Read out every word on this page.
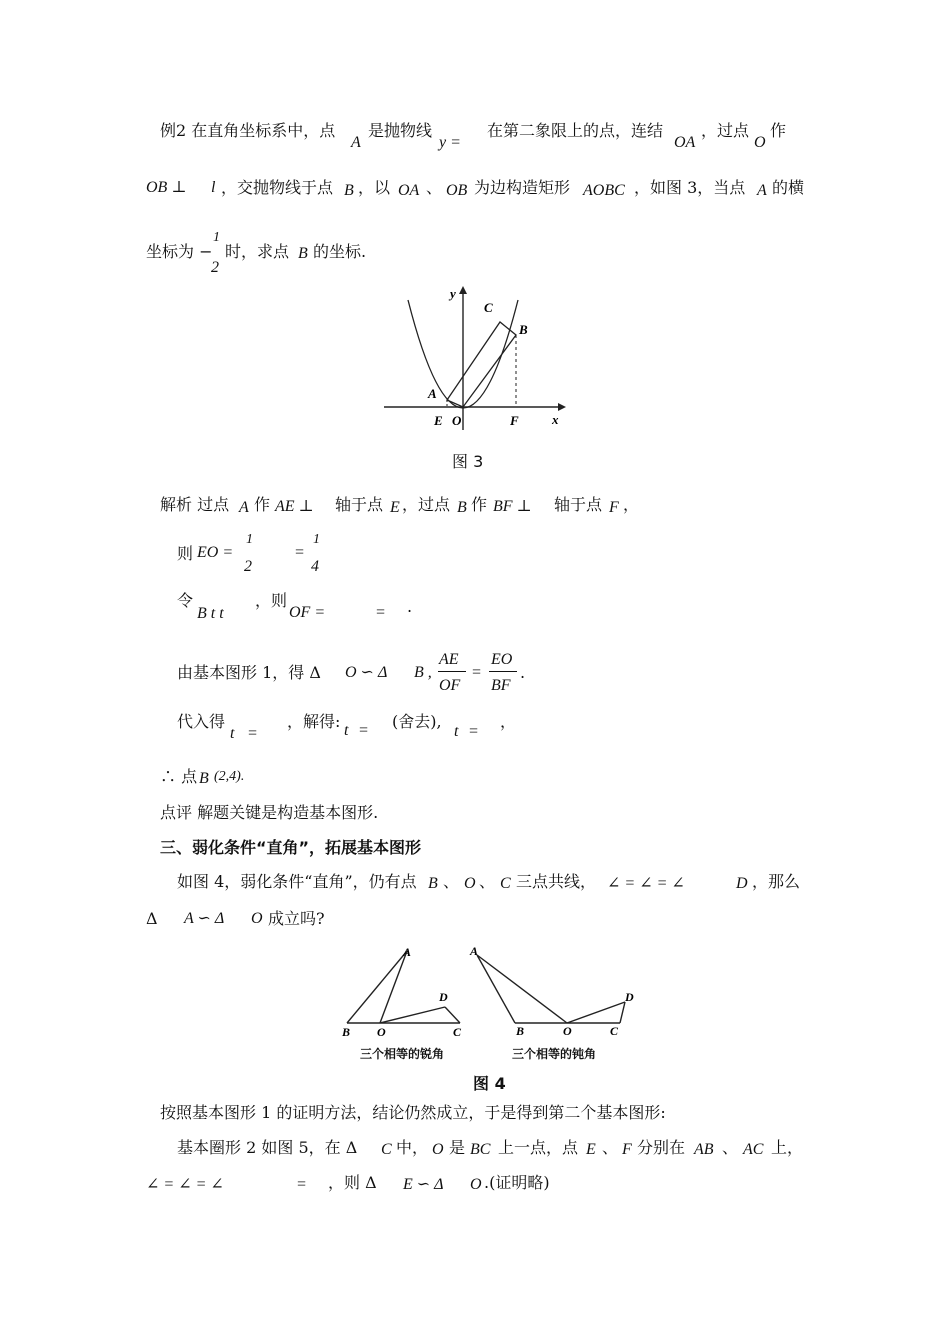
例2 在直角坐标系中，点
A
是抛物线
y =
在第二象限上的点，连结
OA
，过点
O
作
OB ⊥ l ，交抛物线于点 B ，以 OA 、 OB 为边构造矩形 AOBC ，如图 3，当点 A 的横
坐标为 −
1
2
时，求点 B 的坐标.
y
x
C
B
A
E O	F
图 3
解析 过点 A 作 AE ⊥ 轴于点 E ，过点 B 作 BF ⊥ 轴于点 F ，
则 EO =
1
2
=
1
4
令
B t t
，则
OF =	= .
由基本图形 1，得 Δ O ∽ Δ B ,
AE
OF
=
EO
BF
.
代入得
t =
，解得: t = (舍去),
t =
，
∴ 点 B (2,4).
点评 解题关键是构造基本图形.
三、弱化条件“直角”，拓展基本图形
如图 4，弱化条件“直角”，仍有点 B 、 O 、 C 三点共线， ∠ = ∠ = ∠	D ，那么
Δ A ∽ Δ O 成立吗?
A
B O
D
C
A
B	O
D
C
三个相等的锐角	三个相等的钝角
图 4
按照基本图形 1 的证明方法，结论仍然成立，于是得到第二个基本图形:
基本圈形 2 如图 5，在 Δ C 中， O 是 BC 上一点，点 E 、 F 分别在 AB 、 AC 上，
∠ = ∠ = ∠	= ，则 Δ E ∽ Δ O .(证明略)
